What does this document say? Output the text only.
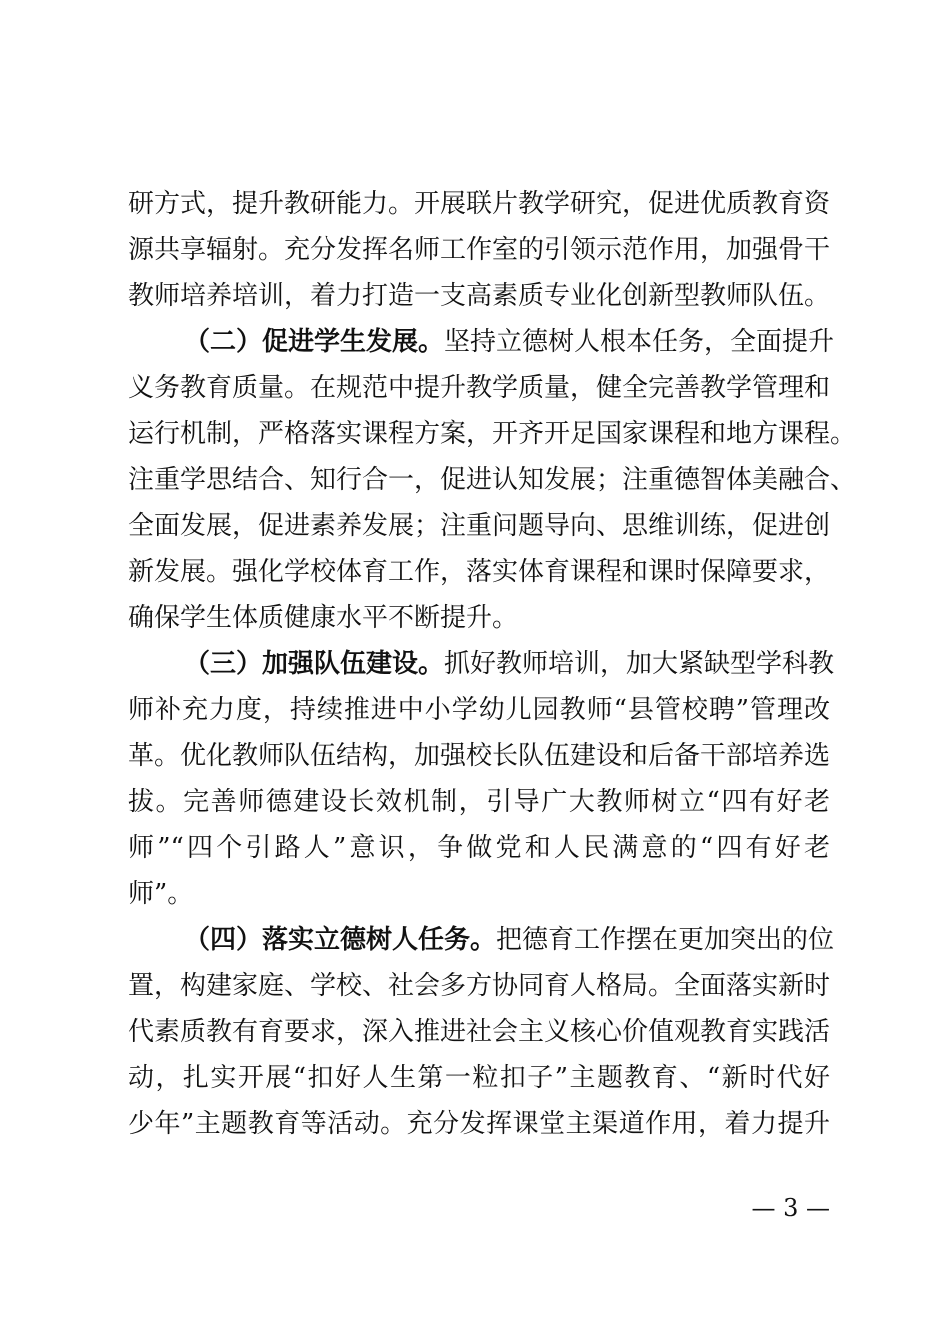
研方式，提升教研能力。开展联片教学研究，促进优质教育资
源共享辐射。充分发挥名师工作室的引领示范作用，加强骨干
教师培养培训，着力打造一支高素质专业化创新型教师队伍。
（二）促进学生发展。坚持立德树人根本任务，全面提升
义务教育质量。在规范中提升教学质量，健全完善教学管理和
运行机制，严格落实课程方案，开齐开足国家课程和地方课程。
注重学思结合、知行合一，促进认知发展；注重德智体美融合、
全面发展，促进素养发展；注重问题导向、思维训练，促进创
新发展。强化学校体育工作，落实体育课程和课时保障要求，
确保学生体质健康水平不断提升。
（三）加强队伍建设。抓好教师培训，加大紧缺型学科教
师补充力度，持续推进中小学幼儿园教师“县管校聘”管理改
革。优化教师队伍结构，加强校长队伍建设和后备干部培养选
拔。完善师德建设长效机制，引导广大教师树立“四有好老
师”“四个引路人”意识，争做党和人民满意的“四有好老
师”。
（四）落实立德树人任务。把德育工作摆在更加突出的位
置，构建家庭、学校、社会多方协同育人格局。全面落实新时
代素质教有育要求，深入推进社会主义核心价值观教育实践活
动，扎实开展“扣好人生第一粒扣子”主题教育、“新时代好
少年”主题教育等活动。充分发挥课堂主渠道作用，着力提升
— 3 —
